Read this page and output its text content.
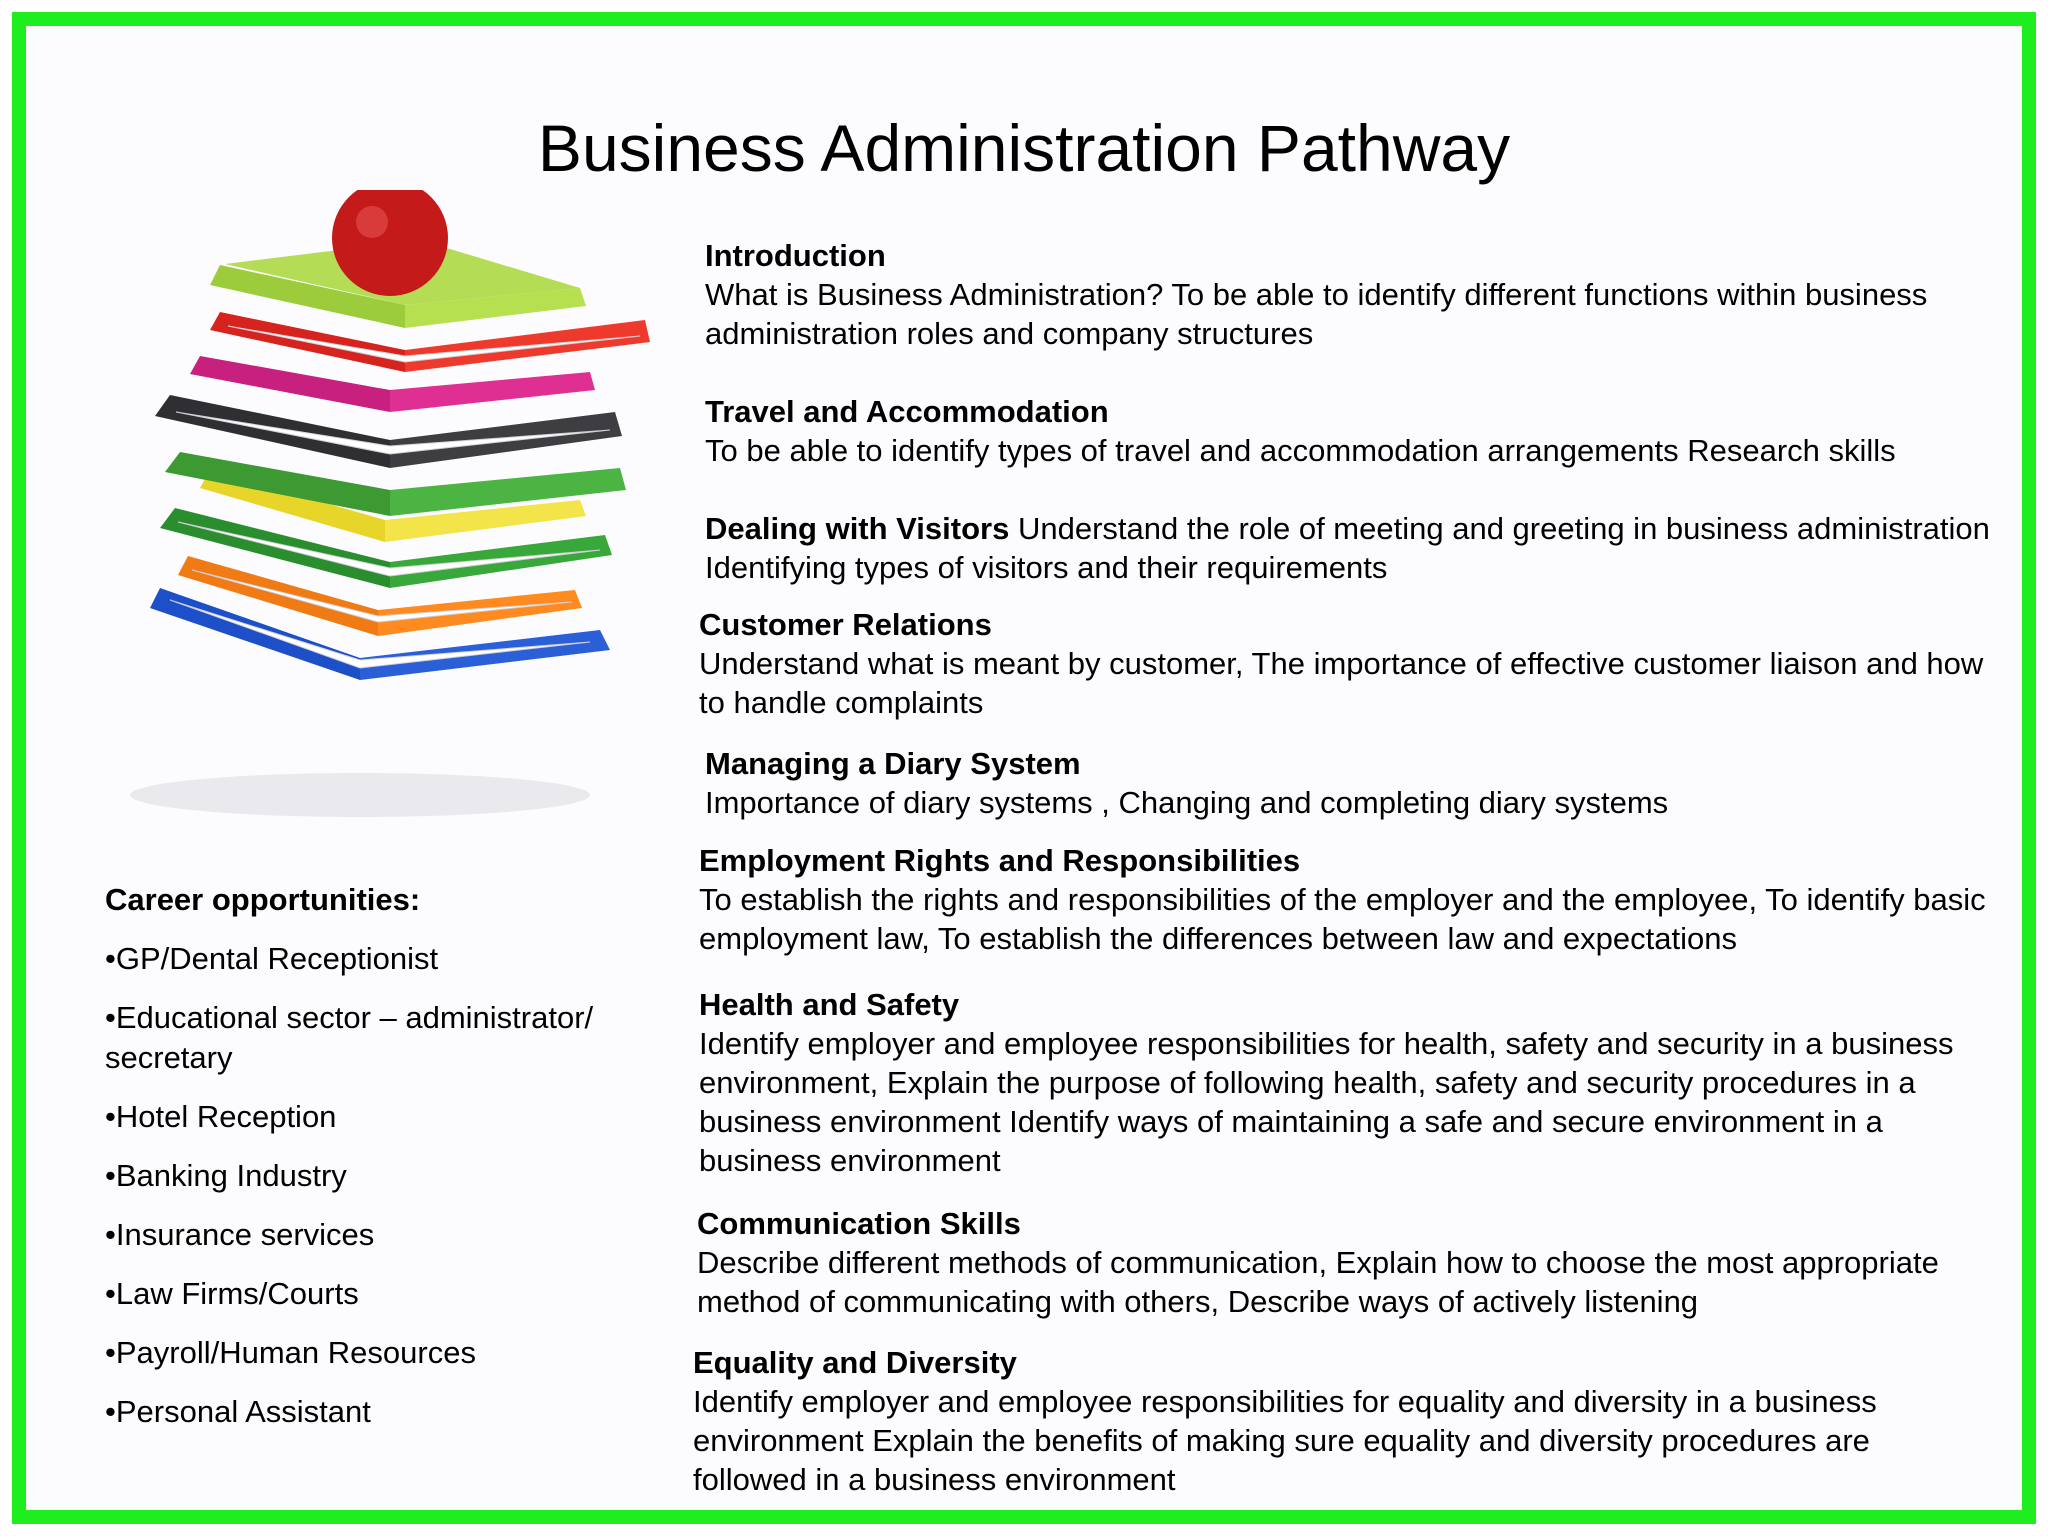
Business Administration Pathway
Career opportunities:
•GP/Dental Receptionist
•Educational sector – administrator/ secretary
•Hotel Reception
•Banking Industry
•Insurance services
•Law Firms/Courts
•Payroll/Human Resources
•Personal Assistant
Introduction
What is Business Administration? To be able to identify different functions within business administration roles and company structures
Travel and Accommodation
To be able to identify types of travel and accommodation arrangements Research skills
Dealing with Visitors Understand the role of meeting and greeting in business administration Identifying types of visitors and their requirements
Customer Relations
Understand what is meant by customer, The importance of effective customer liaison and how to handle complaints
Managing a Diary System
Importance of diary systems , Changing and completing diary systems
Employment Rights and Responsibilities
To establish the rights and responsibilities of the employer and the employee, To identify basic employment law, To establish the differences between law and expectations
Health and Safety
Identify employer and employee responsibilities for health, safety and security in a business environment, Explain the purpose of following health, safety and security procedures in a business environment Identify ways of maintaining a safe and secure environment in a business environment
Communication Skills
Describe different methods of communication, Explain how to choose the most appropriate method of communicating with others, Describe ways of actively listening
Equality and Diversity
Identify employer and employee responsibilities for equality and diversity in a business environment Explain the benefits of making sure equality and diversity procedures are followed in a business environment
